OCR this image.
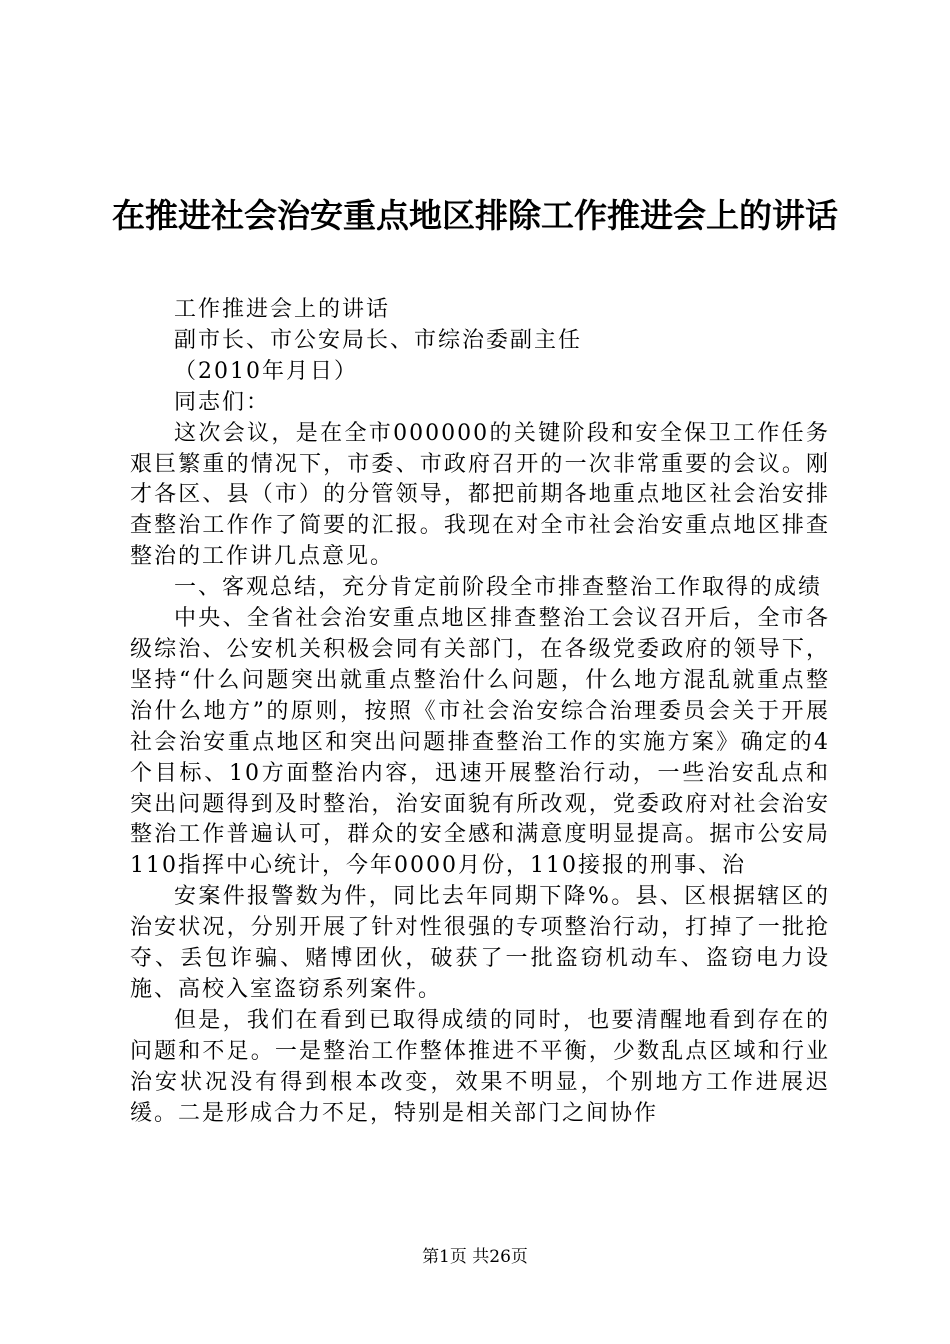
在推进社会治安重点地区排除工作推进会上的讲话

工作推进会上的讲话

副市长、市公安局长、市综治委副主任

（2010年月日）

同志们：

这次会议，是在全市000000的关键阶段和安全保卫工作任务艰巨繁重的情况下，市委、市政府召开的一次非常重要的会议。刚才各区、县（市）的分管领导，都把前期各地重点地区社会治安排查整治工作作了简要的汇报。我现在对全市社会治安重点地区排查整治的工作讲几点意见。

一、客观总结，充分肯定前阶段全市排查整治工作取得的成绩

中央、全省社会治安重点地区排查整治工会议召开后，全市各级综治、公安机关积极会同有关部门，在各级党委政府的领导下，坚持“什么问题突出就重点整治什么问题，什么地方混乱就重点整治什么地方”的原则，按照《市社会治安综合治理委员会关于开展社会治安重点地区和突出问题排查整治工作的实施方案》确定的4个目标、10方面整治内容，迅速开展整治行动，一些治安乱点和突出问题得到及时整治，治安面貌有所改观，党委政府对社会治安整治工作普遍认可，群众的安全感和满意度明显提高。据市公安局110指挥中心统计，今年0000月份，110接报的刑事、治

安案件报警数为件，同比去年同期下降%。县、区根据辖区的治安状况，分别开展了针对性很强的专项整治行动，打掉了一批抢夺、丢包诈骗、赌博团伙，破获了一批盗窃机动车、盗窃电力设施、高校入室盗窃系列案件。

但是，我们在看到已取得成绩的同时，也要清醒地看到存在的问题和不足。一是整治工作整体推进不平衡，少数乱点区域和行业治安状况没有得到根本改变，效果不明显，个别地方工作进展迟缓。二是形成合力不足，特别是相关部门之间协作

第1页 共26页
